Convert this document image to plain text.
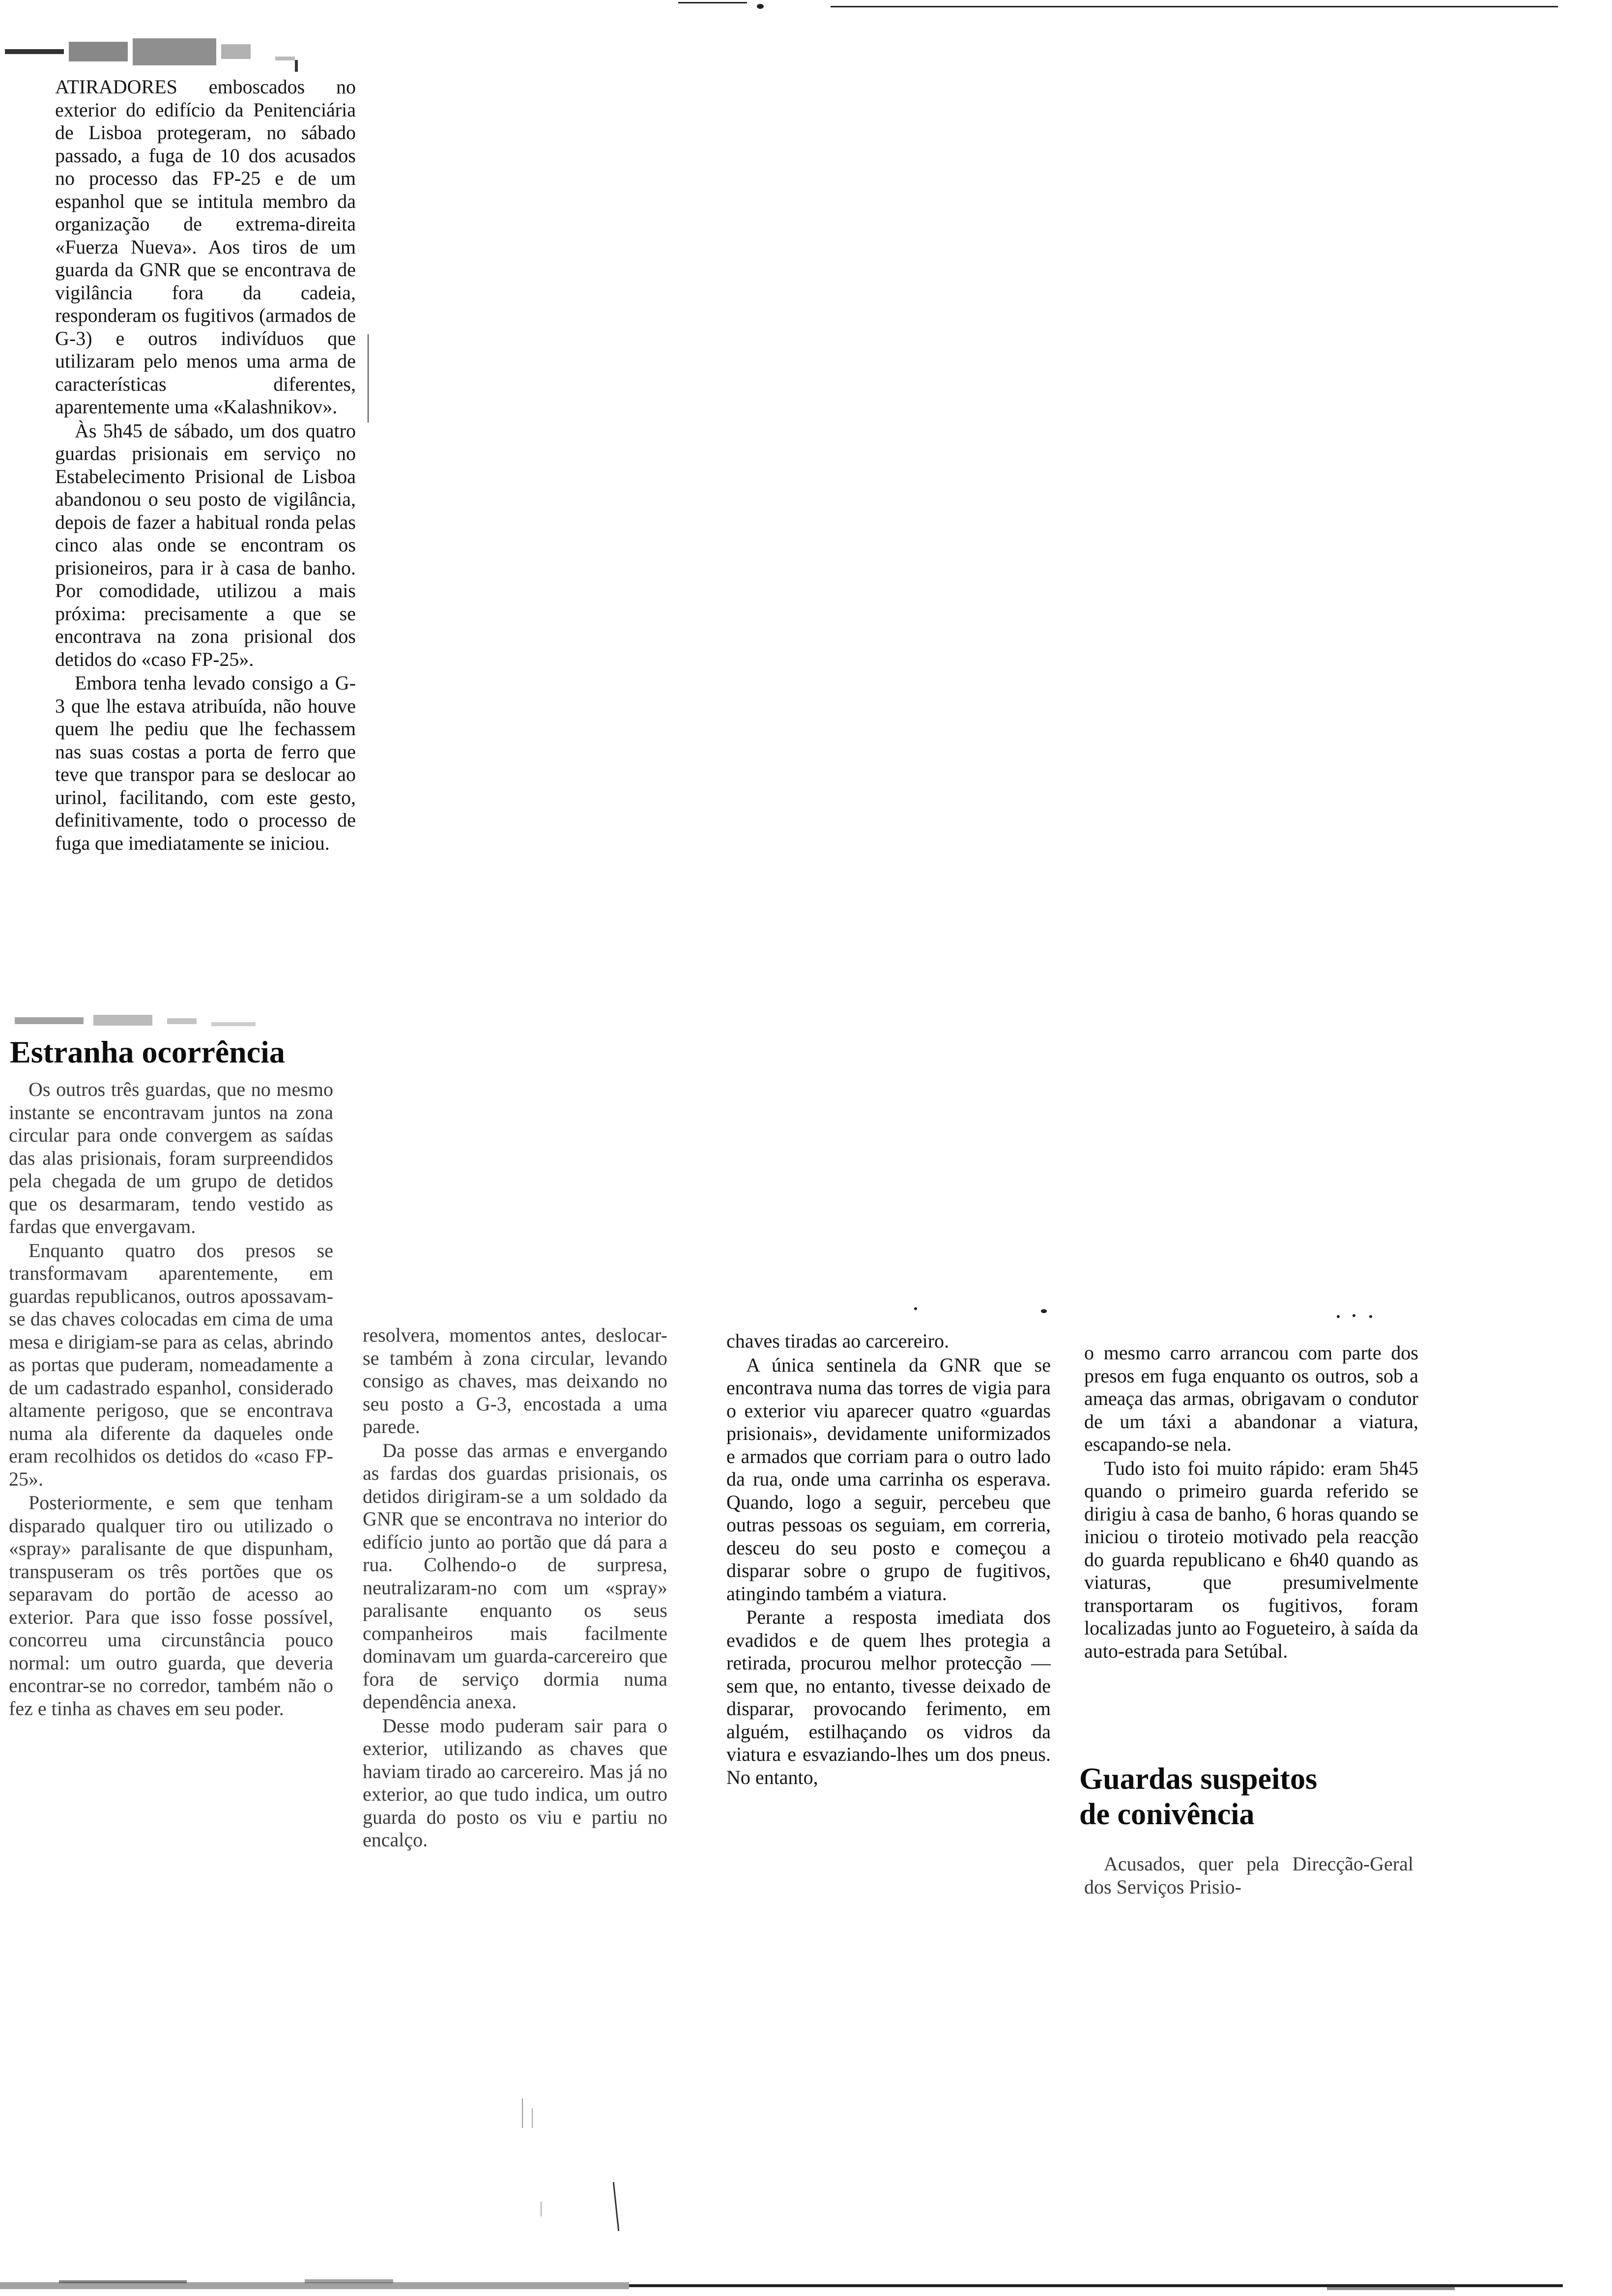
ATIRADORES emboscados no exterior do edifício da Penitenciária de Lisboa protegeram, no sábado passado, a fuga de 10 dos acusados no processo das FP-25 e de um espanhol que se intitula membro da organização de extrema-direita «Fuerza Nueva». Aos tiros de um guarda da GNR que se encontrava de vigilância fora da cadeia, responderam os fugitivos (armados de G-3) e outros indivíduos que utilizaram pelo menos uma arma de características diferentes, aparentemente uma «Kalashnikov».

Às 5h45 de sábado, um dos quatro guardas prisionais em serviço no Estabelecimento Prisional de Lisboa abandonou o seu posto de vigilância, depois de fazer a habitual ronda pelas cinco alas onde se encontram os prisioneiros, para ir à casa de banho. Por comodidade, utilizou a mais próxima: precisamente a que se encontrava na zona prisional dos detidos do «caso FP-25».

Embora tenha levado consigo a G-3 que lhe estava atribuída, não houve quem lhe pediu que lhe fechassem nas suas costas a porta de ferro que teve que transpor para se deslocar ao urinol, facilitando, com este gesto, definitivamente, todo o processo de fuga que imediatamente se iniciou.

Estranha ocorrência

Os outros três guardas, que no mesmo instante se encontravam juntos na zona circular para onde convergem as saídas das alas prisionais, foram surpreendidos pela chegada de um grupo de detidos que os desarmaram, tendo vestido as fardas que envergavam.

Enquanto quatro dos presos se transformavam aparentemente, em guardas republicanos, outros apossavam-se das chaves colocadas em cima de uma mesa e dirigiam-se para as celas, abrindo as portas que puderam, nomeadamente a de um cadastrado espanhol, considerado altamente perigoso, que se encontrava numa ala diferente da daqueles onde eram recolhidos os detidos do «caso FP-25».

Posteriormente, e sem que tenham disparado qualquer tiro ou utilizado o «spray» paralisante de que dispunham, transpuseram os três portões que os separavam do portão de acesso ao exterior. Para que isso fosse possível, concorreu uma circunstância pouco normal: um outro guarda, que deveria encontrar-se no corredor, também não o fez e tinha as chaves em seu poder.

resolvera, momentos antes, deslocar-se também à zona circular, levando consigo as chaves, mas deixando no seu posto a G-3, encostada a uma parede.

Da posse das armas e envergando as fardas dos guardas prisionais, os detidos dirigiram-se a um soldado da GNR que se encontrava no interior do edifício junto ao portão que dá para a rua. Colhendo-o de surpresa, neutralizaram-no com um «spray» paralisante enquanto os seus companheiros mais facilmente dominavam um guarda-carcereiro que fora de serviço dormia numa dependência anexa.

Desse modo puderam sair para o exterior, utilizando as chaves que haviam tirado ao carcereiro. Mas já no exterior, ao que tudo indica, um outro guarda do posto os viu e partiu no encalço.

chaves tiradas ao carcereiro.

A única sentinela da GNR que se encontrava numa das torres de vigia para o exterior viu aparecer quatro «guardas prisionais», devidamente uniformizados e armados que corriam para o outro lado da rua, onde uma carrinha os esperava. Quando, logo a seguir, percebeu que outras pessoas os seguiam, em correria, desceu do seu posto e começou a disparar sobre o grupo de fugitivos, atingindo também a viatura.

Perante a resposta imediata dos evadidos e de quem lhes protegia a retirada, procurou melhor protecção — sem que, no entanto, tivesse deixado de disparar, provocando ferimento, em alguém, estilhaçando os vidros da viatura e esvaziando-lhes um dos pneus. No entanto,

o mesmo carro arrancou com parte dos presos em fuga enquanto os outros, sob a ameaça das armas, obrigavam o condutor de um táxi a abandonar a viatura, escapando-se nela.

Tudo isto foi muito rápido: eram 5h45 quando o primeiro guarda referido se dirigiu à casa de banho, 6 horas quando se iniciou o tiroteio motivado pela reacção do guarda republicano e 6h40 quando as viaturas, que presumivelmente transportaram os fugitivos, foram localizadas junto ao Fogueteiro, à saída da auto-estrada para Setúbal.

Guardas suspeitos de conivência

Acusados, quer pela Direcção-Geral dos Serviços Prisio-
